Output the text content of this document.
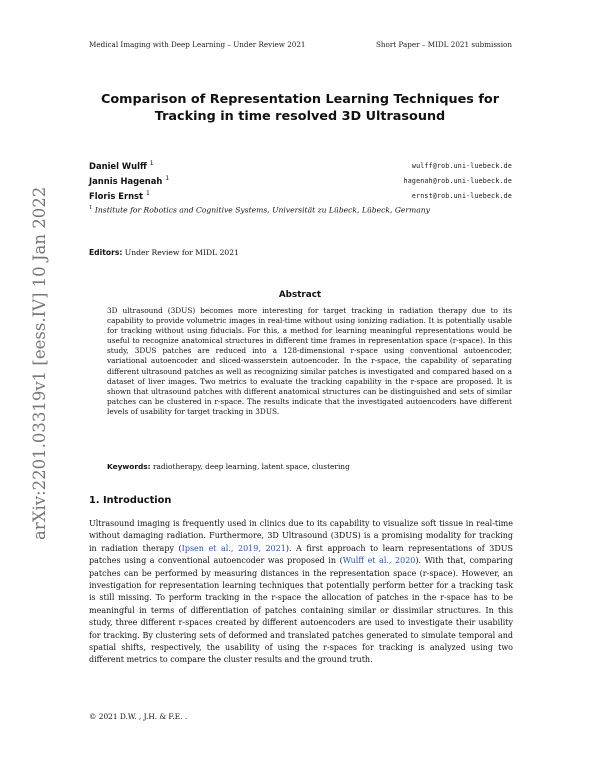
arXiv:2201.03319v1 [eess.IV] 10 Jan 2022
Medical Imaging with Deep Learning – Under Review 2021	Short Paper – MIDL 2021 submission
Comparison of Representation Learning Techniques for
Tracking in time resolved 3D Ultrasound
Daniel Wulff $^1$	wulff@rob.uni-luebeck.de
Jannis Hagenah $^1$	hagenah@rob.uni-luebeck.de
Floris Ernst $^1$	ernst@rob.uni-luebeck.de
$^1$ Institute for Robotics and Cognitive Systems, Universität zu Lübeck, Lübeck, Germany
Editors: Under Review for MIDL 2021
Abstract
3D ultrasound (3DUS) becomes more interesting for target tracking in radiation therapy due to its capability to provide volumetric images in real-time without using ionizing radiation. It is potentially usable for tracking without using fiducials. For this, a method for learning meaningful representations would be useful to recognize anatomical structures in different time frames in representation space (r-space). In this study, 3DUS patches are reduced into a 128-dimensional r-space using conventional autoencoder, variational autoencoder and sliced-wasserstein autoencoder. In the r-space, the capability of separating different ultrasound patches as well as recognizing similar patches is investigated and compared based on a dataset of liver images. Two metrics to evaluate the tracking capability in the r-space are proposed. It is shown that ultrasound patches with different anatomical structures can be distinguished and sets of similar patches can be clustered in r-space. The results indicate that the investigated autoencoders have different levels of usability for target tracking in 3DUS.
Keywords: radiotherapy, deep learning, latent space, clustering
1. Introduction
Ultrasound imaging is frequently used in clinics due to its capability to visualize soft tissue in real-time without damaging radiation. Furthermore, 3D Ultrasound (3DUS) is a promising modality for tracking in radiation therapy (Ipsen et al., 2019, 2021). A first approach to learn representations of 3DUS patches using a conventional autoencoder was proposed in (Wulff et al., 2020). With that, comparing patches can be performed by measuring distances in the representation space (r-space). However, an investigation for representation learning techniques that potentially perform better for a tracking task is still missing. To perform tracking in the r-space the allocation of patches in the r-space has to be meaningful in terms of differentiation of patches containing similar or dissimilar structures. In this study, three different r-spaces created by different autoencoders are used to investigate their usability for tracking. By clustering sets of deformed and translated patches generated to simulate temporal and spatial shifts, respectively, the usability of using the r-spaces for tracking is analyzed using two different metrics to compare the cluster results and the ground truth.
© 2021 D.W. , J.H. & F.E. .
